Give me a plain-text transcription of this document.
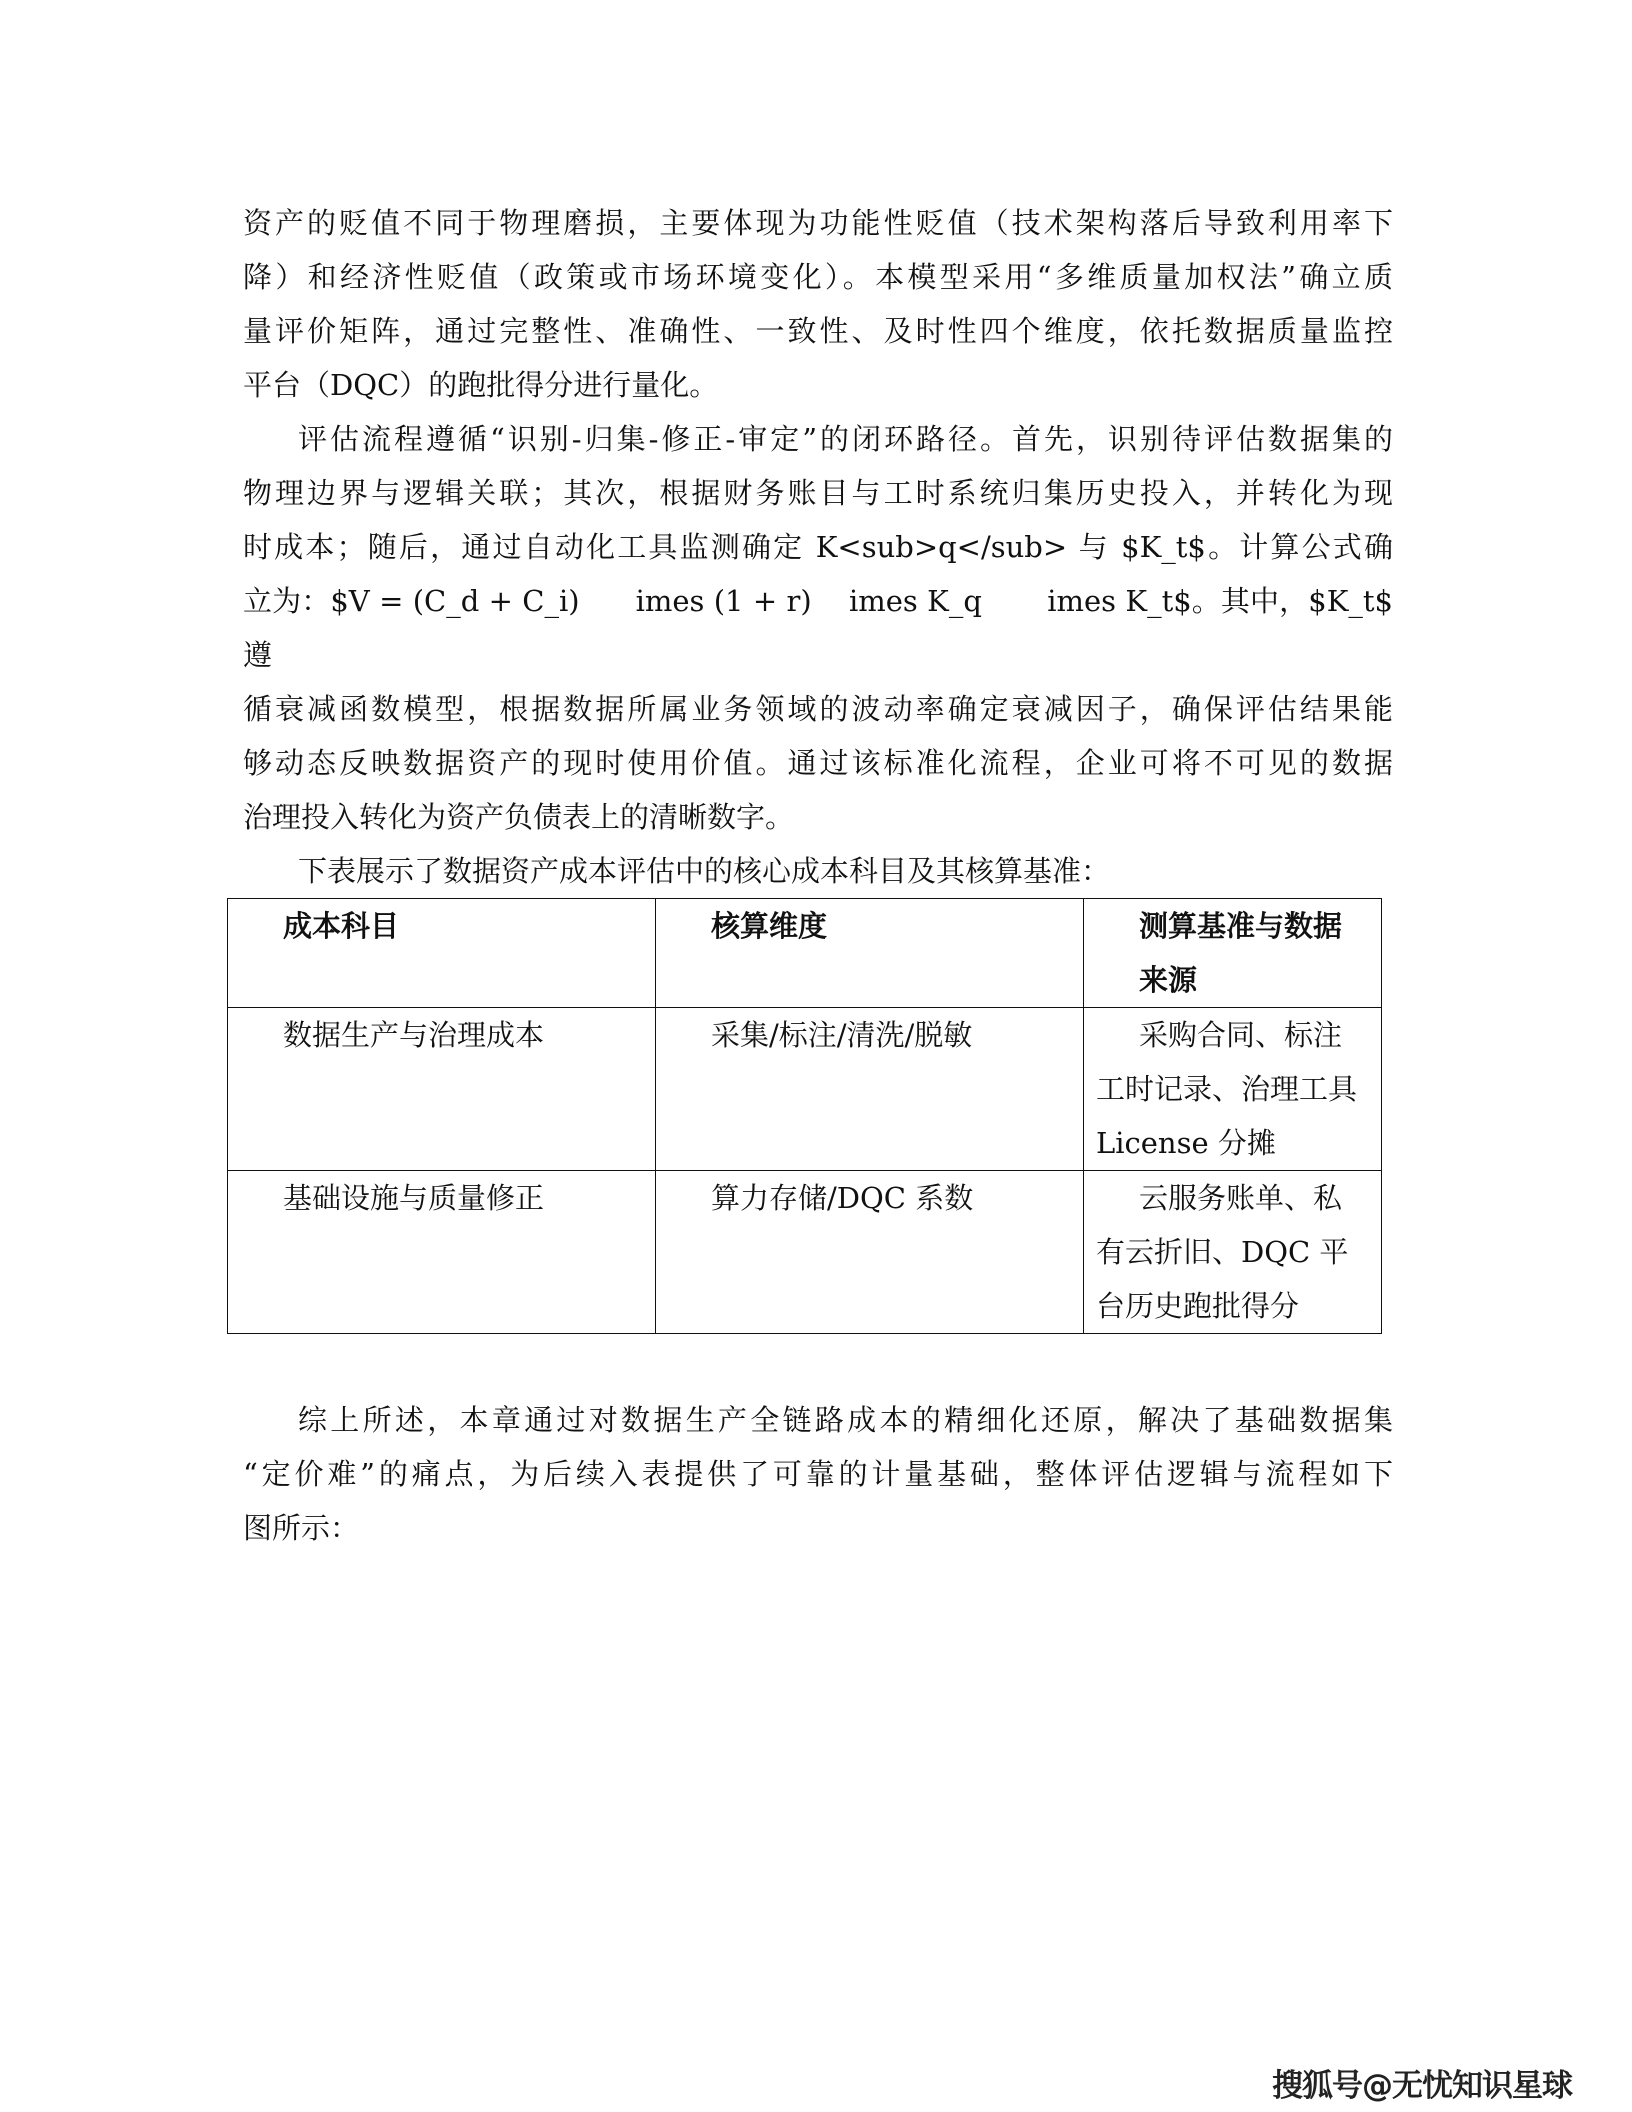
资产的贬值不同于物理磨损，主要体现为功能性贬值（技术架构落后导致利用率下
降）和经济性贬值（政策或市场环境变化）。本模型采用“多维质量加权法”确立质
量评价矩阵，通过完整性、准确性、一致性、及时性四个维度，依托数据质量监控
平台（DQC）的跑批得分进行量化。
评估流程遵循“识别-归集-修正-审定”的闭环路径。首先，识别待评估数据集的
物理边界与逻辑关联；其次，根据财务账目与工时系统归集历史投入，并转化为现
时成本；随后，通过自动化工具监测确定 K<sub>q</sub> 与 $K_t$。计算公式确
立为：$V = (C_d + C_i)      imes (1 + r)    imes K_q       imes K_t$。其中，$K_t$ 遵
循衰减函数模型，根据数据所属业务领域的波动率确定衰减因子，确保评估结果能
够动态反映数据资产的现时使用价值。通过该标准化流程，企业可将不可见的数据
治理投入转化为资产负债表上的清晰数字。
下表展示了数据资产成本评估中的核心成本科目及其核算基准：
成本科目	核算维度	测算基准与数据来源

数据生产与治理成本	采集/标注/清洗/脱敏	采购合同、标注工时记录、治理工具 License 分摊

基础设施与质量修正	算力存储/DQC 系数	云服务账单、私有云折旧、DQC 平台历史跑批得分
综上所述，本章通过对数据生产全链路成本的精细化还原，解决了基础数据集
“定价难”的痛点，为后续入表提供了可靠的计量基础，整体评估逻辑与流程如下
图所示：
搜狐号@无忧知识星球
